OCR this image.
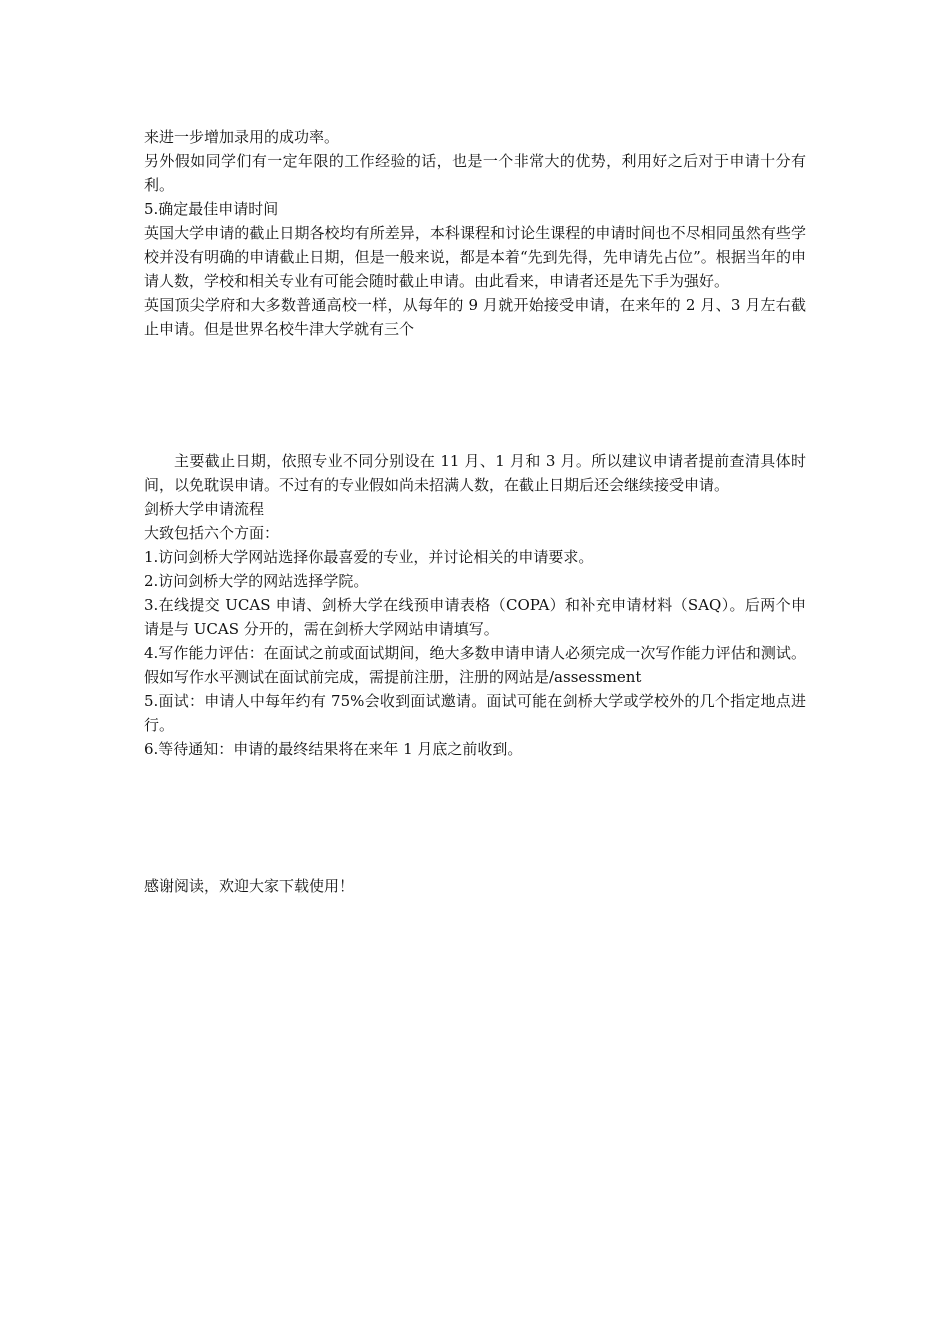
来进一步增加录用的成功率。

另外假如同学们有一定年限的工作经验的话，也是一个非常大的优势，利用好之后对于申请十分有利。

5.确定最佳申请时间

英国大学申请的截止日期各校均有所差异，本科课程和讨论生课程的申请时间也不尽相同虽然有些学校并没有明确的申请截止日期，但是一般来说，都是本着“先到先得，先申请先占位”。根据当年的申请人数，学校和相关专业有可能会随时截止申请。由此看来，申请者还是先下手为强好。

英国顶尖学府和大多数普通高校一样，从每年的 9 月就开始接受申请，在来年的 2 月、3 月左右截止申请。但是世界名校牛津大学就有三个

主要截止日期，依照专业不同分别设在 11 月、1 月和 3 月。所以建议申请者提前查清具体时间，以免耽误申请。不过有的专业假如尚未招满人数，在截止日期后还会继续接受申请。

剑桥大学申请流程

大致包括六个方面：

1.访问剑桥大学网站选择你最喜爱的专业，并讨论相关的申请要求。

2.访问剑桥大学的网站选择学院。

3.在线提交 UCAS 申请、剑桥大学在线预申请表格（COPA）和补充申请材料（SAQ）。后两个申请是与 UCAS 分开的，需在剑桥大学网站申请填写。

4.写作能力评估：在面试之前或面试期间，绝大多数申请申请人必须完成一次写作能力评估和测试。假如写作水平测试在面试前完成，需提前注册，注册的网站是/assessment

5.面试：申请人中每年约有 75%会收到面试邀请。面试可能在剑桥大学或学校外的几个指定地点进行。

6.等待通知：申请的最终结果将在来年 1 月底之前收到。

感谢阅读，欢迎大家下载使用！
